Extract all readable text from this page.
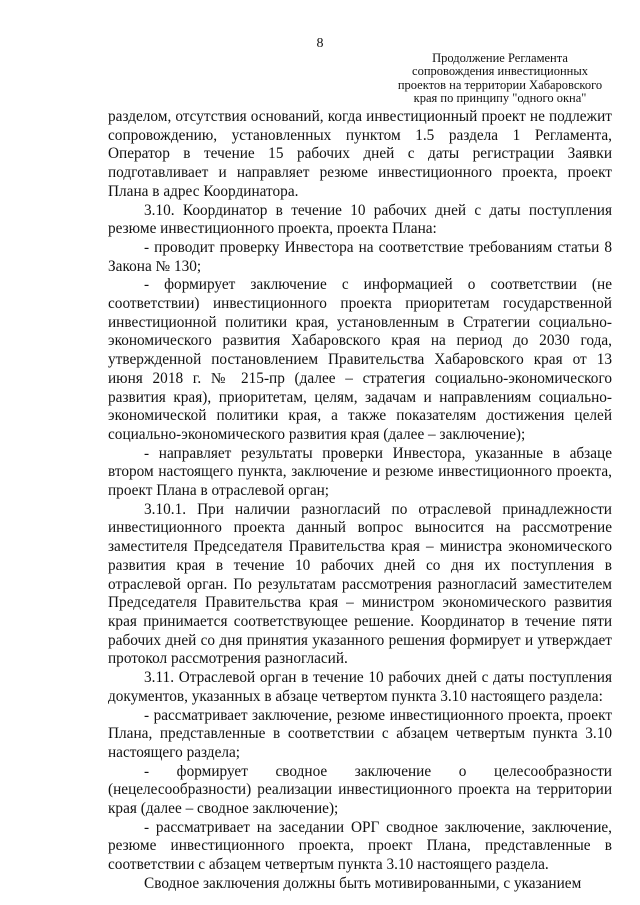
8
Продолжение Регламента
сопровождения инвестиционных
проектов на территории Хабаровского
края по принципу "одного окна"

разделом, отсутствия оснований, когда инвестиционный проект не подлежит сопровождению, установленных пунктом 1.5 раздела 1 Регламента, Оператор в течение 15 рабочих дней с даты регистрации Заявки подготавливает и направляет резюме инвестиционного проекта, проект Плана в адрес Координатора.

3.10. Координатор в течение 10 рабочих дней с даты поступления резюме инвестиционного проекта, проекта Плана:

- проводит проверку Инвестора на соответствие требованиям статьи 8 Закона № 130;

- формирует заключение с информацией о соответствии (не соответствии) инвестиционного проекта приоритетам государственной инвестиционной политики края, установленным в Стратегии социально-экономического развития Хабаровского края на период до 2030 года, утвержденной постановлением Правительства Хабаровского края от 13 июня 2018 г. № 215-пр (далее – стратегия социально-экономического развития края), приоритетам, целям, задачам и направлениям социально-экономической политики края, а также показателям достижения целей социально-экономического развития края (далее – заключение);

- направляет результаты проверки Инвестора, указанные в абзаце втором настоящего пункта, заключение и резюме инвестиционного проекта, проект Плана в отраслевой орган;

3.10.1. При наличии разногласий по отраслевой принадлежности инвестиционного проекта данный вопрос выносится на рассмотрение заместителя Председателя Правительства края – министра экономического развития края в течение 10 рабочих дней со дня их поступления в отраслевой орган. По результатам рассмотрения разногласий заместителем Председателя Правительства края – министром экономического развития края принимается соответствующее решение. Координатор в течение пяти рабочих дней со дня принятия указанного решения формирует и утверждает протокол рассмотрения разногласий.

3.11. Отраслевой орган в течение 10 рабочих дней с даты поступления документов, указанных в абзаце четвертом пункта 3.10 настоящего раздела:

- рассматривает заключение, резюме инвестиционного проекта, проект Плана, представленные в соответствии с абзацем четвертым пункта 3.10 настоящего раздела;

- формирует сводное заключение о целесообразности (нецелесообразности) реализации инвестиционного проекта на территории края (далее – сводное заключение);

- рассматривает на заседании ОРГ сводное заключение, заключение, резюме инвестиционного проекта, проект Плана, представленные в соответствии с абзацем четвертым пункта 3.10 настоящего раздела.

Сводное заключения должны быть мотивированными, с указанием
